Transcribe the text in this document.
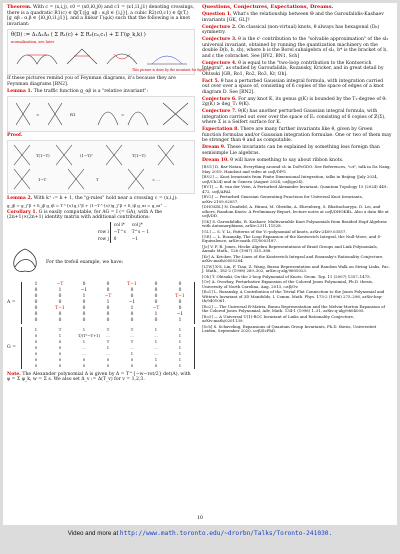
Theorem. With c = (x,i,j), c0 = (x0,i0,j0) and c1 = (x1,i1,j1) denoting crossings, there is a quadratic R1(c) ∈ ℚ(T,)[g_αβ : α,β ∈ {i,j}], a cubic R2(c0,c1) ∈ ℚ(T,)[g_αβ : α,β ∈ {i0,j0,i1,j1}], and a linear Γ(φ,k) such that the following is a knot invariant:
θ(D) := Δ₁Δ₂Δ₃ ( Σ R₁(c) + Σ R₂(c₀,c₁) + Σ Γ(φ_k,k) )
normalization, see later
This picture is done by the invariant for figure-8.
If these pictures remind you of Feynman diagrams, it's because they are Feynman diagrams [BN2].
Lemma 1. The traffic function g_αβ is a "relative invariant":
=	R1	=
Proof.
T(1−T)	(1−T)²	T(1−T)
1−T	T	= ...
Lemma 2. With k⁺ := k + 1, the "g-rules" hold near a crossing c = (x,i,j):
g_jβ = g_j⁺β + δ_jβ g_iβ = T^{s}g_i⁺β + (1−T^{s})g_j⁺β + δ_iβ g_αi = g_αi⁺ ...
Corollary 1. G is easily computable, for AG = I (= GA), with A the (2n+1)×(2n+1) identity matrix with additional contributions:
	col i*	col j*
row i	−T^s	T^s − 1
row j	0	−1
For the trefoil example, we have:
A =
1	−T	0	0	T−1	0	0
0	1	−1	0	0	0	0
0	0	1	−T	0	0	T−1
0	0	0	1	−1	0	0
0	T−1	0	0	1	−T	0
0	0	0	0	0	1	−1
0	0	0	0	0	0	1
G =
1	T	1	T	T	1	1
0	1	T/(T²−T+1)	...	...	...	1
0	0	1	T	T	1	1
0	0	...	1	...	...	1
0	0	...	...	1	...	1
0	0	0	0	0	1	1
0	0	0	0	0	0	1
Note. The Alexander polynomial Δ is given by Δ = T^{−w−rot/2} det(A), with φ = Σ φ_k, w = Σ s. We also set Δ_v := Δ(T_v) for v = 1,2,3.
Questions, Conjectures, Expectations, Dreams.
Question 1. What's the relationship between Θ and the Garoufalidis-Kashaev invariants [GK, GL]?
Conjecture 2. On classical (non-virtual) knots, θ always has hexagonal (D₆) symmetry.
Conjecture 3. θ is the ε¹ contribution to the "solvable approximation" of the sl₃ universal invariant, obtained by running the quantization machinery on the double D(b, b, εb), where b is the Borel subalgebra of sl₃, b* is the bracket of b, and ε the cobracket. See [BV2, BN1, Sch]
Conjecture 4. θ is equal to the "two-loop contribution to the Kontsevich Integral", as studied by Garoufalidis, Rozansky, Kricker, and in great detail by Ohtsuki [GR, Ro1, Ro2, Ro3, Kr, Oh].
Fact 5. θ has a perturbed Gaussian integral formula, with integration carried out over over a space of, consisting of 6 copies of the space of edges of a knot diagram D. See [BN2].
Conjecture 6. For any knot K, its genus g(K) is bounded by the T₁-degree of θ: 2g(K) ≥ deg_T₁ θ(K).
Conjecture 7. θ(K) has another perturbed Gaussian integral formula, with integration carried out over over the space of Eₒ consisting of 6 copies of ℤ(Σ), where Σ is a Seifert surface for K.
Expectation 8. There are many further invariants like θ, given by Green function formulas and/or Gaussian integration formulae. One or two of them may be stronger than θ and as computable.
Dream 9. These invariants can be explained by something less foreign than semisimple Lie algebras.
Dream 10. θ will have something to say about ribbon knots.
[BN1] D. Bar-Natan, Everything around sl₃ in DoPeGDO. See References, "ωt", talk in Da Nang, May 2019. Handout and video at ωεβ/DPG.
[BN2] — Knot Invariants from Finite Dimensional Integration, talks in Beijing (July 2024, ωεβ/Ch24) and in Geneva (August 2024, ωεβ/ge24).
[BV1] — R. van der Veen, A Perturbed Alexander Invariant, Quantum Topology 15 (2024) 449–472, ωεβ/APAI.
[BV2] — Perturbed Gaussian Generating Functions for Universal Knot Invariants, arXiv:2109.02057.
[DHOKBL] N. Dunfield, A. Hirani, M. Obeidin, A. Ehrenberg, S. Bhattacharyya, D. Lei, and others, Random Knots: A Preliminary Report, lecture notes at ωεβ/DHOKBL. Also a data file at ωεβ/DD.
[GK] S. Garoufalidis, R. Kashaev, Multivariable Knot Polynomials from Braided Hopf Algebras with Automorphisms, arXiv:2311.11528.
[GL] — S. Y. Li, Patterns of the V₂-polynomial of knots, arXiv:2409.03557.
[GR] — L. Rozansky, The Loop Expansion of the Kontsevich Integral, the Null-Move, and S-Equivalence, arXiv:math.GT/0003187.
[Jo] V. F. R. Jones, Hecke Algebra Representations of Braid Groups and Link Polynomials, Annals Math., 126 (1987) 335–388.
[Kr] A. Kricker, The Lines of the Kontsevich Integral and Rozansky's Rationality Conjecture, arXiv:math/0005284.
[LTW] X-S. Lin, F. Tian, Z. Wang, Burau Representation and Random Walk on String Links, Pac. J. Math., 182-2 (1998) 289–302, arXiv:q-alg/9605023.
[Oh] T. Ohtsuki, On the 2-loop Polynomial of Knots, Geom. Top. 11 (2007) 1357–1475.
[Ov] A. Overbay, Perturbative Expansion of the Colored Jones Polynomial, Ph.D. thesis, University of North Carolina, Aug. 2013, ωεβ/Ov.
[Ro1] L. Rozansky, A Contribution of the Trivial Flat Connection to the Jones Polynomial and Witten's Invariant of 3D Manifolds, I, Comm. Math. Phys. 175-2 (1996) 275–296, arXiv:hep-th/9401061.
[Ro2] — The Universal R-Matrix, Burau Representation and the Melvin-Morton Expansion of the Colored Jones Polynomial, Adv. Math. 134-1 (1998) 1–31, arXiv:q-alg/9604005.
[Ro3] — A Universal U(1)-RCC Invariant of Links and Rationality Conjecture, arXiv:math/0201139.
[Sch] S. Schaveling, Expansions of Quantum Group Invariants, Ph.D. thesis, Universiteit Leiden, September 2020, ωεβ/ScPhD.
10
Video and more at http://www.math.toronto.edu/~drorbn/Talks/Toronto-241030.
